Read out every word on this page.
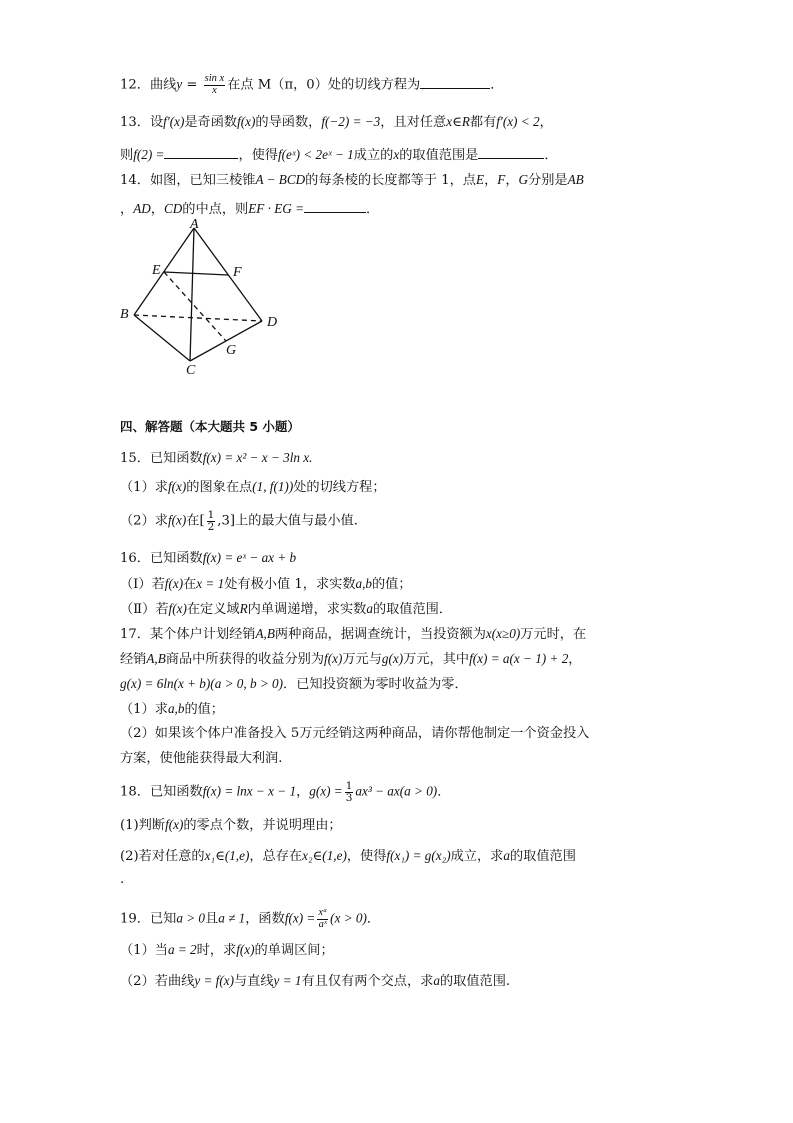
12．曲线$y = \frac{\text{sin x}}{x}$ 在点 M（π，0）处的切线方程为	．
13．设f′(x)是奇函数f(x)的导函数，f(−2) = −3，且对任意x∈R都有f′(x) < 2，
则f(2) =	，使得f(eˣ) < 2eˣ − 1成立的x的取值范围是	．
14．如图，已知三棱锥A − BCD的每条棱的长度都等于 1，点E，F，G分别是AB
，AD，CD的中点，则EF · EG =	．
A
E	F
B
D
G
C
四、解答题（本大题共 5 小题）
15．已知函数f(x) = x² − x − 3ln x.
（1）求f(x)的图象在点(1, f(1))处的切线方程；
（2）求f(x)在[ $\frac{1}{2} ,3$]上的最大值与最小值.
16．已知函数f(x) = eˣ − ax + b
（Ⅰ）若f(x)在x = 1处有极小值 1，求实数a,b的值；
（Ⅱ）若f(x)在定义域R内单调递增，求实数a的取值范围．
17．某个体户计划经销A,B两种商品，据调查统计，当投资额为x(x≥0)万元时，在
经销A,B商品中所获得的收益分别为f(x)万元与g(x)万元，其中f(x) = a(x − 1) + 2，
g(x) = 6ln(x + b)(a > 0, b > 0)．已知投资额为零时收益为零．
（1）求a,b的值；
（2）如果该个体户准备投入 5万元经销这两种商品，请你帮他制定一个资金投入
方案，使他能获得最大利润.
18．已知函数f(x) = lnx − x − 1，$g(x) = \frac{1}{3} ax^3 - ax(a > 0)$．
(1)判断f(x)的零点个数，并说明理由；
(2)若对任意的x₁∈(1,e)，总存在x₂∈(1,e)，使得f(x₁) = g(x₂)成立，求a的取值范围
.
19．已知a > 0且a ≠ 1，函数$f(x) = \frac{\text{xᵃ}}{\text{aˣ}} (x > 0)$．
（1）当a = 2时，求f(x)的单调区间；
（2）若曲线y = f(x)与直线y = 1有且仅有两个交点，求a的取值范围.
